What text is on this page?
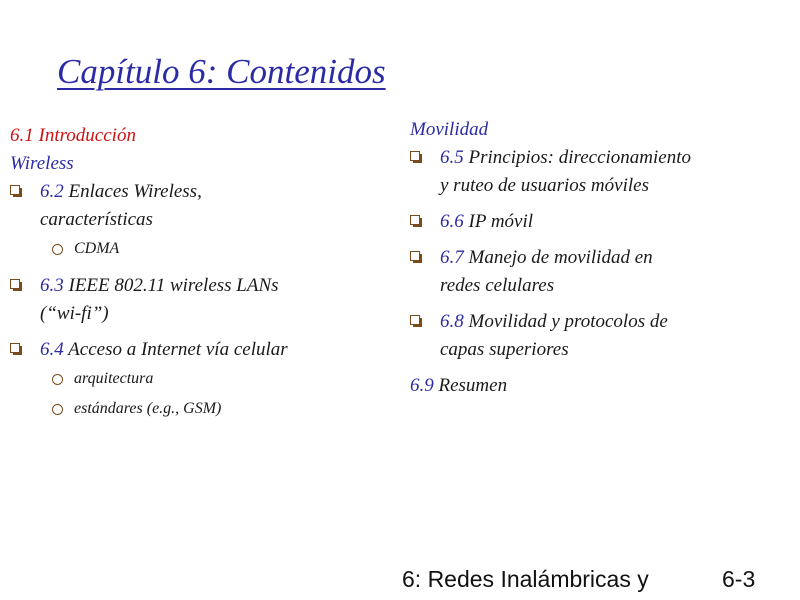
Capítulo 6: Contenidos
6.1 Introducción
Wireless
6.2 Enlaces Wireless,
características
CDMA
6.3 IEEE 802.11 wireless LANs
(“wi-fi”)
6.4 Acceso a Internet vía celular
arquitectura
estándares (e.g., GSM)
Movilidad
6.5 Principios: direccionamiento
y ruteo de usuarios móviles
6.6 IP móvil
6.7 Manejo de movilidad en
redes celulares
6.8 Movilidad y protocolos de
capas superiores
6.9 Resumen
6: Redes Inalámbricas y	6-3
